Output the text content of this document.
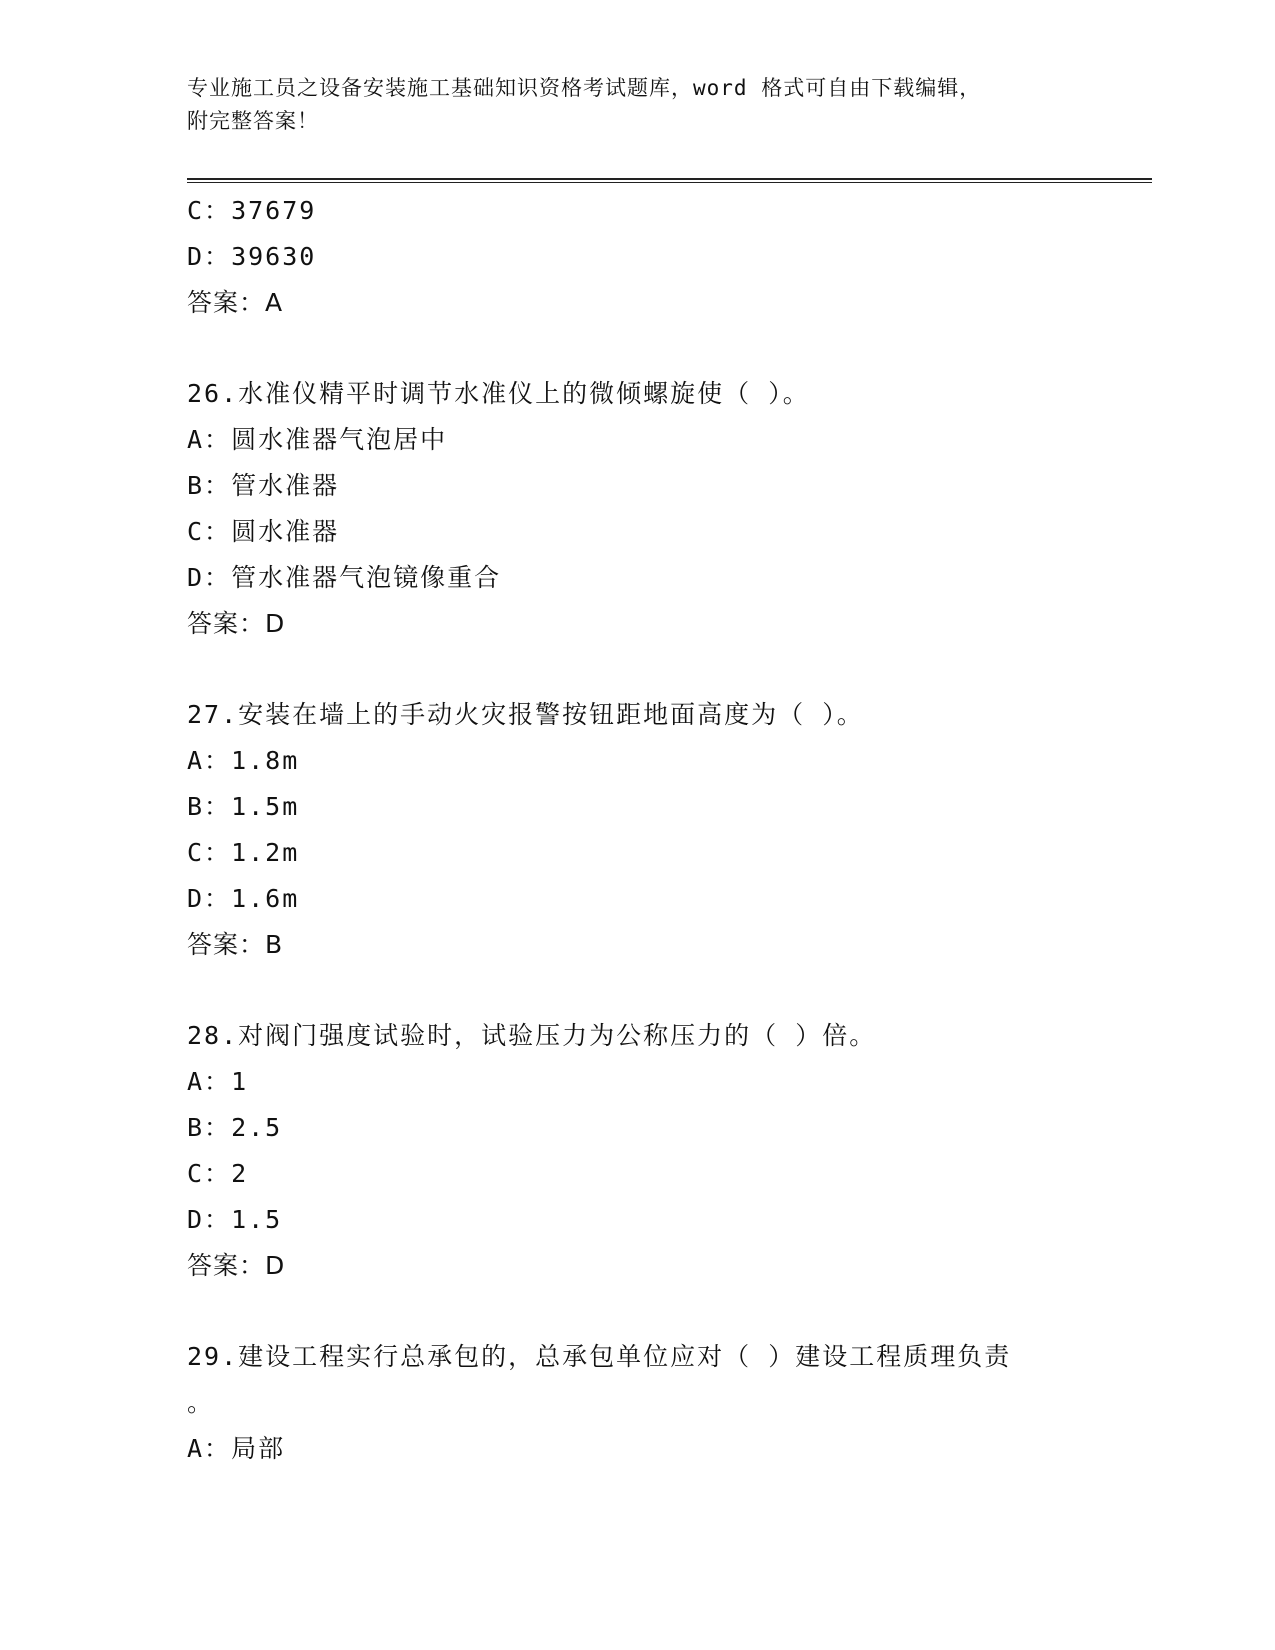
专业施工员之设备安装施工基础知识资格考试题库，word 格式可自由下载编辑，
附完整答案！
C：37679
D：39630
答案：A
26.水准仪精平时调节水准仪上的微倾螺旋使（ ）。
A：圆水准器气泡居中
B：管水准器
C：圆水准器
D：管水准器气泡镜像重合
答案：D
27.安装在墙上的手动火灾报警按钮距地面高度为（ ）。
A：1.8m
B：1.5m
C：1.2m
D：1.6m
答案：B
28.对阀门强度试验时，试验压力为公称压力的（ ）倍。
A：1
B：2.5
C：2
D：1.5
答案：D
29.建设工程实行总承包的，总承包单位应对（ ）建设工程质理负责
。
A：局部
